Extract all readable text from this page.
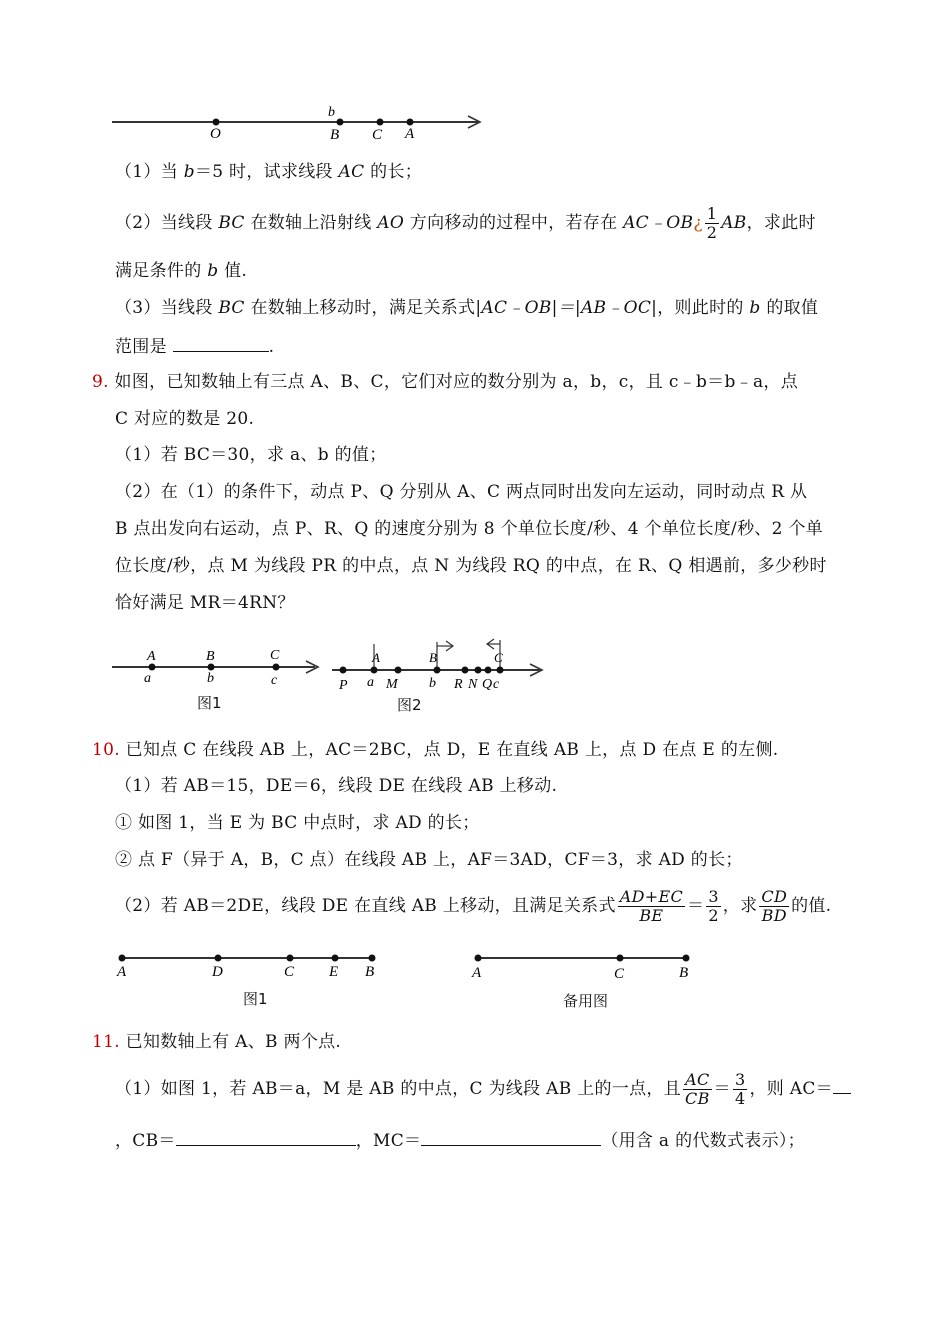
O
b
B C A
（1）当 b＝5 时，试求线段 AC 的长；
（2）当线段 BC 在数轴上沿射线 AO 方向移动的过程中，若存在 AC﹣OB¿ $\frac{1}{2}$ AB，求此时
满足条件的 b 值.
（3）当线段 BC 在数轴上移动时，满足关系式|AC﹣OB|＝|AB﹣OC|，则此时的 b 的取值
范围是	.
9. 如图，已知数轴上有三点 A、B、C，它们对应的数分别为 a，b，c，且 c﹣b＝b﹣a，点
C 对应的数是 20.
（1）若 BC＝30，求 a、b 的值；
（2）在（1）的条件下，动点 P、Q 分别从 A、C 两点同时出发向左运动，同时动点 R 从
B 点出发向右运动，点 P、R、Q 的速度分别为 8 个单位长度/秒、4 个单位长度/秒、2 个单
位长度/秒，点 M 为线段 PR 的中点，点 N 为线段 RQ 的中点，在 R、Q 相遇前，多少秒时
恰好满足 MR＝4RN？
A	B	C
a	b	c
图1
A	B	C
P a M b R N Q c
图2
10. 已知点 C 在线段 AB 上，AC＝2BC，点 D，E 在直线 AB 上，点 D 在点 E 的左侧.
（1）若 AB＝15，DE＝6，线段 DE 在线段 AB 上移动.
① 如图 1，当 E 为 BC 中点时，求 AD 的长；
② 点 F（异于 A，B，C 点）在线段 AB 上，AF＝3AD，CF＝3，求 AD 的长；
（2）若 AB＝2DE，线段 DE 在直线 AB 上移动，且满足关系式 $\frac{AD+EC}{BE} = \frac{3}{2}$ ，求 $\frac{CD}{BD}$ 的值.
A	D	C E B
图1
A	C	B
备用图
11. 已知数轴上有 A、B 两个点.
（1）如图 1，若 AB＝a，M 是 AB 的中点，C 为线段 AB 上的一点，且 $\frac{AC}{CB} = \frac{3}{4}$ ，则 AC＝
，CB＝	，MC＝	（用含 a 的代数式表示）；
